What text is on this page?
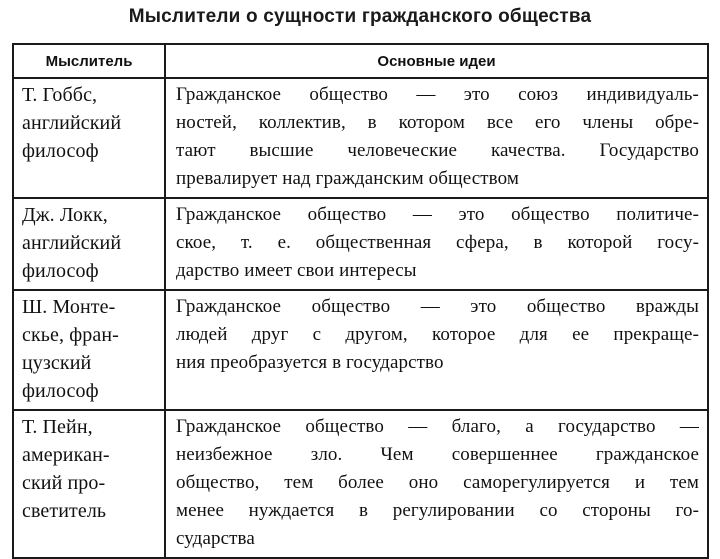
Мыслители о сущности гражданского общества
Мыслитель	Основные идеи

Т. Гоббс,
английский
философ	Гражданское общество — это союз индивидуаль-
ностей, коллектив, в котором все его члены обре-
тают высшие человеческие качества. Государство
превалирует над гражданским обществом

Дж. Локк,
английский
философ	Гражданское общество — это общество политиче-
ское, т. е. общественная сфера, в которой госу-
дарство имеет свои интересы

Ш. Монте-
скье, фран-
цузский
философ	Гражданское общество — это общество вражды
людей друг с другом, которое для ее прекраще-
ния преобразуется в государство

Т. Пейн,
американ-
ский про-
светитель	Гражданское общество — благо, а государство —
неизбежное зло. Чем совершеннее гражданское
общество, тем более оно саморегулируется и тем
менее нуждается в регулировании со стороны го-
сударства
